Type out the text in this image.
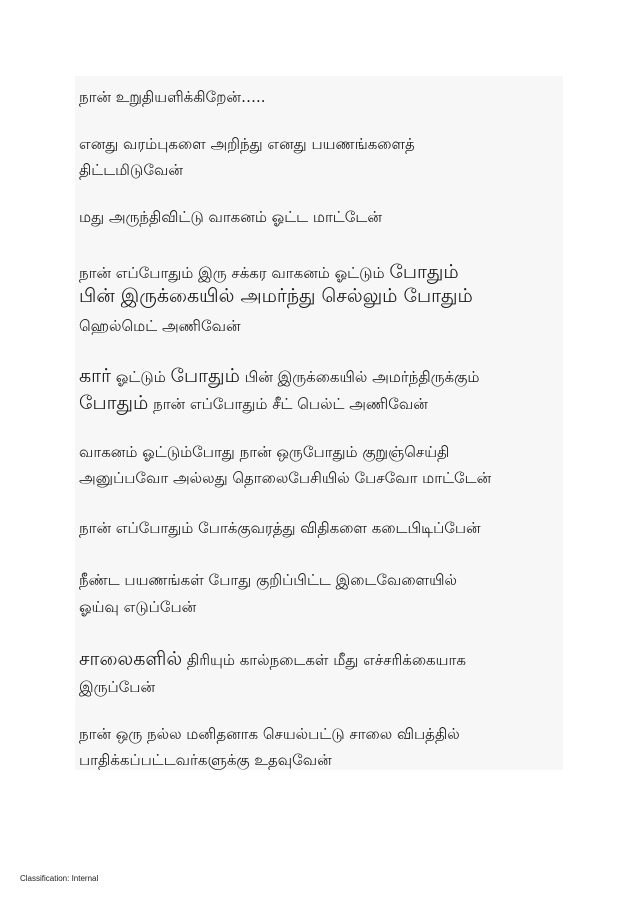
நான் உறுதியளிக்கிறேன்…..
எனது வரம்புகளை அறிந்து எனது பயணங்களைத்
திட்டமிடுவேன்
மது அருந்திவிட்டு வாகனம் ஓட்ட மாட்டேன்
நான் எப்போதும் இரு சக்கர வாகனம் ஓட்டும் போதும்
பின் இருக்கையில் அமர்ந்து செல்லும் போதும்
ஹெல்மெட் அணிவேன்
கார் ஓட்டும் போதும் பின் இருக்கையில் அமர்ந்திருக்கும்
போதும் நான் எப்போதும் சீட் பெல்ட் அணிவேன்
வாகனம் ஓட்டும்போது நான் ஒருபோதும் குறுஞ்செய்தி
அனுப்பவோ அல்லது தொலைபேசியில் பேசவோ மாட்டேன்
நான் எப்போதும் போக்குவரத்து விதிகளை கடைபிடிப்பேன்
நீண்ட பயணங்கள் போது குறிப்பிட்ட இடைவேளையில்
ஓய்வு எடுப்பேன்
சாலைகளில் திரியும் கால்நடைகள் மீது எச்சரிக்கையாக
இருப்பேன்
நான் ஒரு நல்ல மனிதனாக செயல்பட்டு சாலை விபத்தில்
பாதிக்கப்பட்டவர்களுக்கு உதவுவேன்
Classification: Internal
